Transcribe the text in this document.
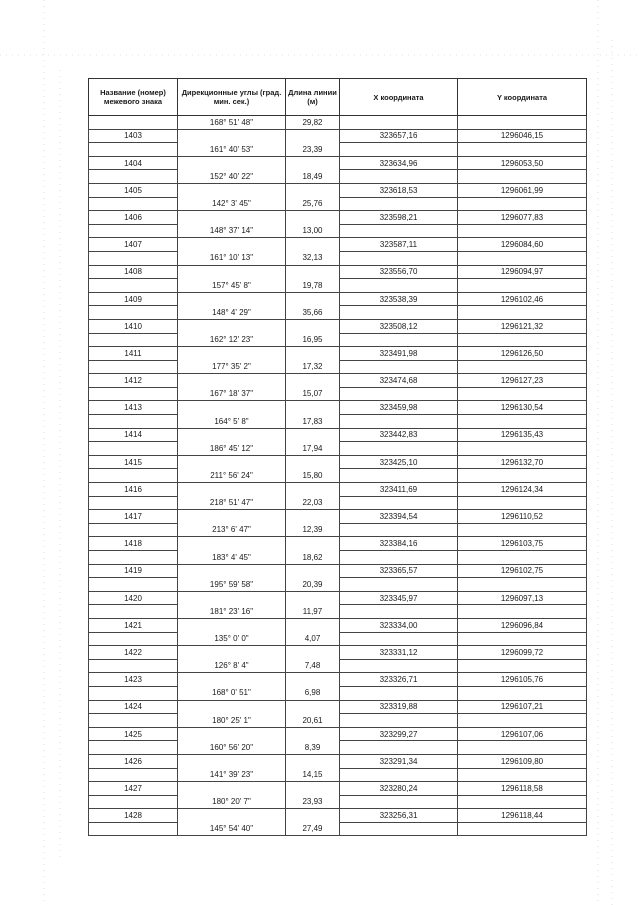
Название (номер) межевого знака	Дирекционные углы (град. мин. сек.)	Длина линии (м)	X координата	Y координата
	168° 51' 48"	29,82		
1403			323657,16	1296046,15
	161° 40' 53"	23,39		
1404			323634,96	1296053,50
	152° 40' 22"	18,49		
1405			323618,53	1296061,99
	142° 3' 45"	25,76		
1406			323598,21	1296077,83
	148° 37' 14"	13,00		
1407			323587,11	1296084,60
	161° 10' 13"	32,13		
1408			323556,70	1296094,97
	157° 45' 8"	19,78		
1409			323538,39	1296102,46
	148° 4' 29"	35,66		
1410			323508,12	1296121,32
	162° 12' 23"	16,95		
1411			323491,98	1296126,50
	177° 35' 2"	17,32		
1412			323474,68	1296127,23
	167° 18' 37"	15,07		
1413			323459,98	1296130,54
	164° 5' 8"	17,83		
1414			323442,83	1296135,43
	186° 45' 12"	17,94		
1415			323425,10	1296132,70
	211° 56' 24"	15,80		
1416			323411,69	1296124,34
	218° 51' 47"	22,03		
1417			323394,54	1296110,52
	213° 6' 47"	12,39		
1418			323384,16	1296103,75
	183° 4' 45"	18,62		
1419			323365,57	1296102,75
	195° 59' 58"	20,39		
1420			323345,97	1296097,13
	181° 23' 16"	11,97		
1421			323334,00	1296096,84
	135° 0' 0"	4,07		
1422			323331,12	1296099,72
	126° 8' 4"	7,48		
1423			323326,71	1296105,76
	168° 0' 51"	6,98		
1424			323319,88	1296107,21
	180° 25' 1"	20,61		
1425			323299,27	1296107,06
	160° 56' 20"	8,39		
1426			323291,34	1296109,80
	141° 39' 23"	14,15		
1427			323280,24	1296118,58
	180° 20' 7"	23,93		
1428			323256,31	1296118,44
	145° 54' 40"	27,49		
